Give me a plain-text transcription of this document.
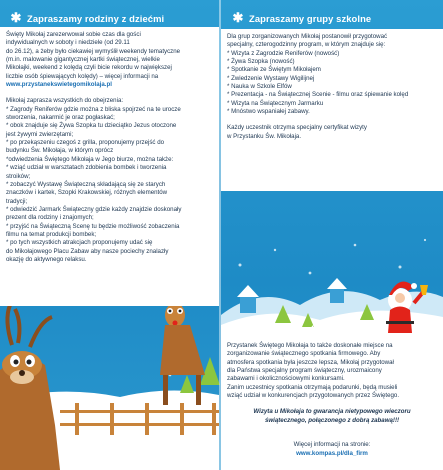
✱ Zapraszamy rodziny z dziećmi

Święty Mikołaj zarezerwował sobie czas dla gości
indywidualnych w soboty i niedziele (od 29.11
do 26.12), a żeby było ciekawiej wymyślił weekendy tematyczne
(m.in. malowanie gigantycznej kartki świątecznej, wielkie
Mikołajki, weekend z kolędą czyli bicie rekordu w największej
liczbie osób śpiewających kolędy) – więcej informacji na

www.przystanekswietegomikolaja.pl

Mikołaj zaprasza wszystkich do obejrzenia:
* Zagrody Reniferów gdzie można z bliska spojrzeć na te urocze
stworzenia, nakarmić je oraz pogłaskać;
* obok znajduje się Żywa Szopka tu dzieciątko Jezus otoczone
jest żywymi zwierzętami;
* po przekąszeniu czegoś z grilla, proponujemy przejść do
budynku Św. Mikołaja, w którym oprócz
*odwiedzenia Świętego Mikołaja w Jego biurze, można także:
* wziąć udział w warsztatach zdobienia bombek i tworzenia
stroików;
* zobaczyć Wystawę Świąteczną składającą się ze starych
znaczków i kartek, Szopki Krakowskiej, różnych elementów
tradycji;
* odwiedzić Jarmark Świąteczny gdzie każdy znajdzie doskonały
prezent dla rodziny i znajomych;
* przyjść na Świąteczną Scenę tu będzie możliwość zobaczenia
filmu na temat produkcji bombek;
* po tych wszystkich atrakcjach proponujemy udać się
do Mikołajowego Placu Zabaw aby nasze pociechy znalazły
okazję do aktywnego relaksu.

✱ Zapraszamy grupy szkolne

Dla grup zorganizowanych Mikołaj postanowił przygotować
specjalny, czterogodzinny program, w którym znajduje się:

* Wizyta z Zagrodzie Reniferów (nowość)

* Żywa Szopka (nowość)

* Spotkanie ze Świętym Mikołajem

* Zwiedzenie Wystawy Wigilijnej

* Nauka w Szkole Elfów

* Prezentacja - na Świątecznej Scenie - filmu oraz śpiewanie kolęd

* Wizyta na Świątecznym Jarmarku

* Mnóstwo wspaniałej zabawy.

Każdy uczestnik otrzyma specjalny certyfikat wizyty
w Przystanku Św. Mikołaja.

✱ Zapraszamy firmy

Przystanek Świętego Mikołaja to także doskonałe miejsce na
zorganizowanie świątecznego spotkania firmowego. Aby
atmosfera spotkania była jeszcze lepsza, Mikołaj przygotował
dla Państwa specjalny program świąteczny, urozmaicony
zabawami i okolicznościowymi konkursami.
Zanim uczestnicy spotkania otrzymają podarunki, będą musieli
wziąć udział w konkurencjach przygotowanych przez Świętego.

Wizyta u Mikołaja to gwarancja nietypowego wieczoru
świątecznego, połączonego z dobrą zabawą!!!

Więcej informacji na stronie:
www.kompas.pl/dla_firm
